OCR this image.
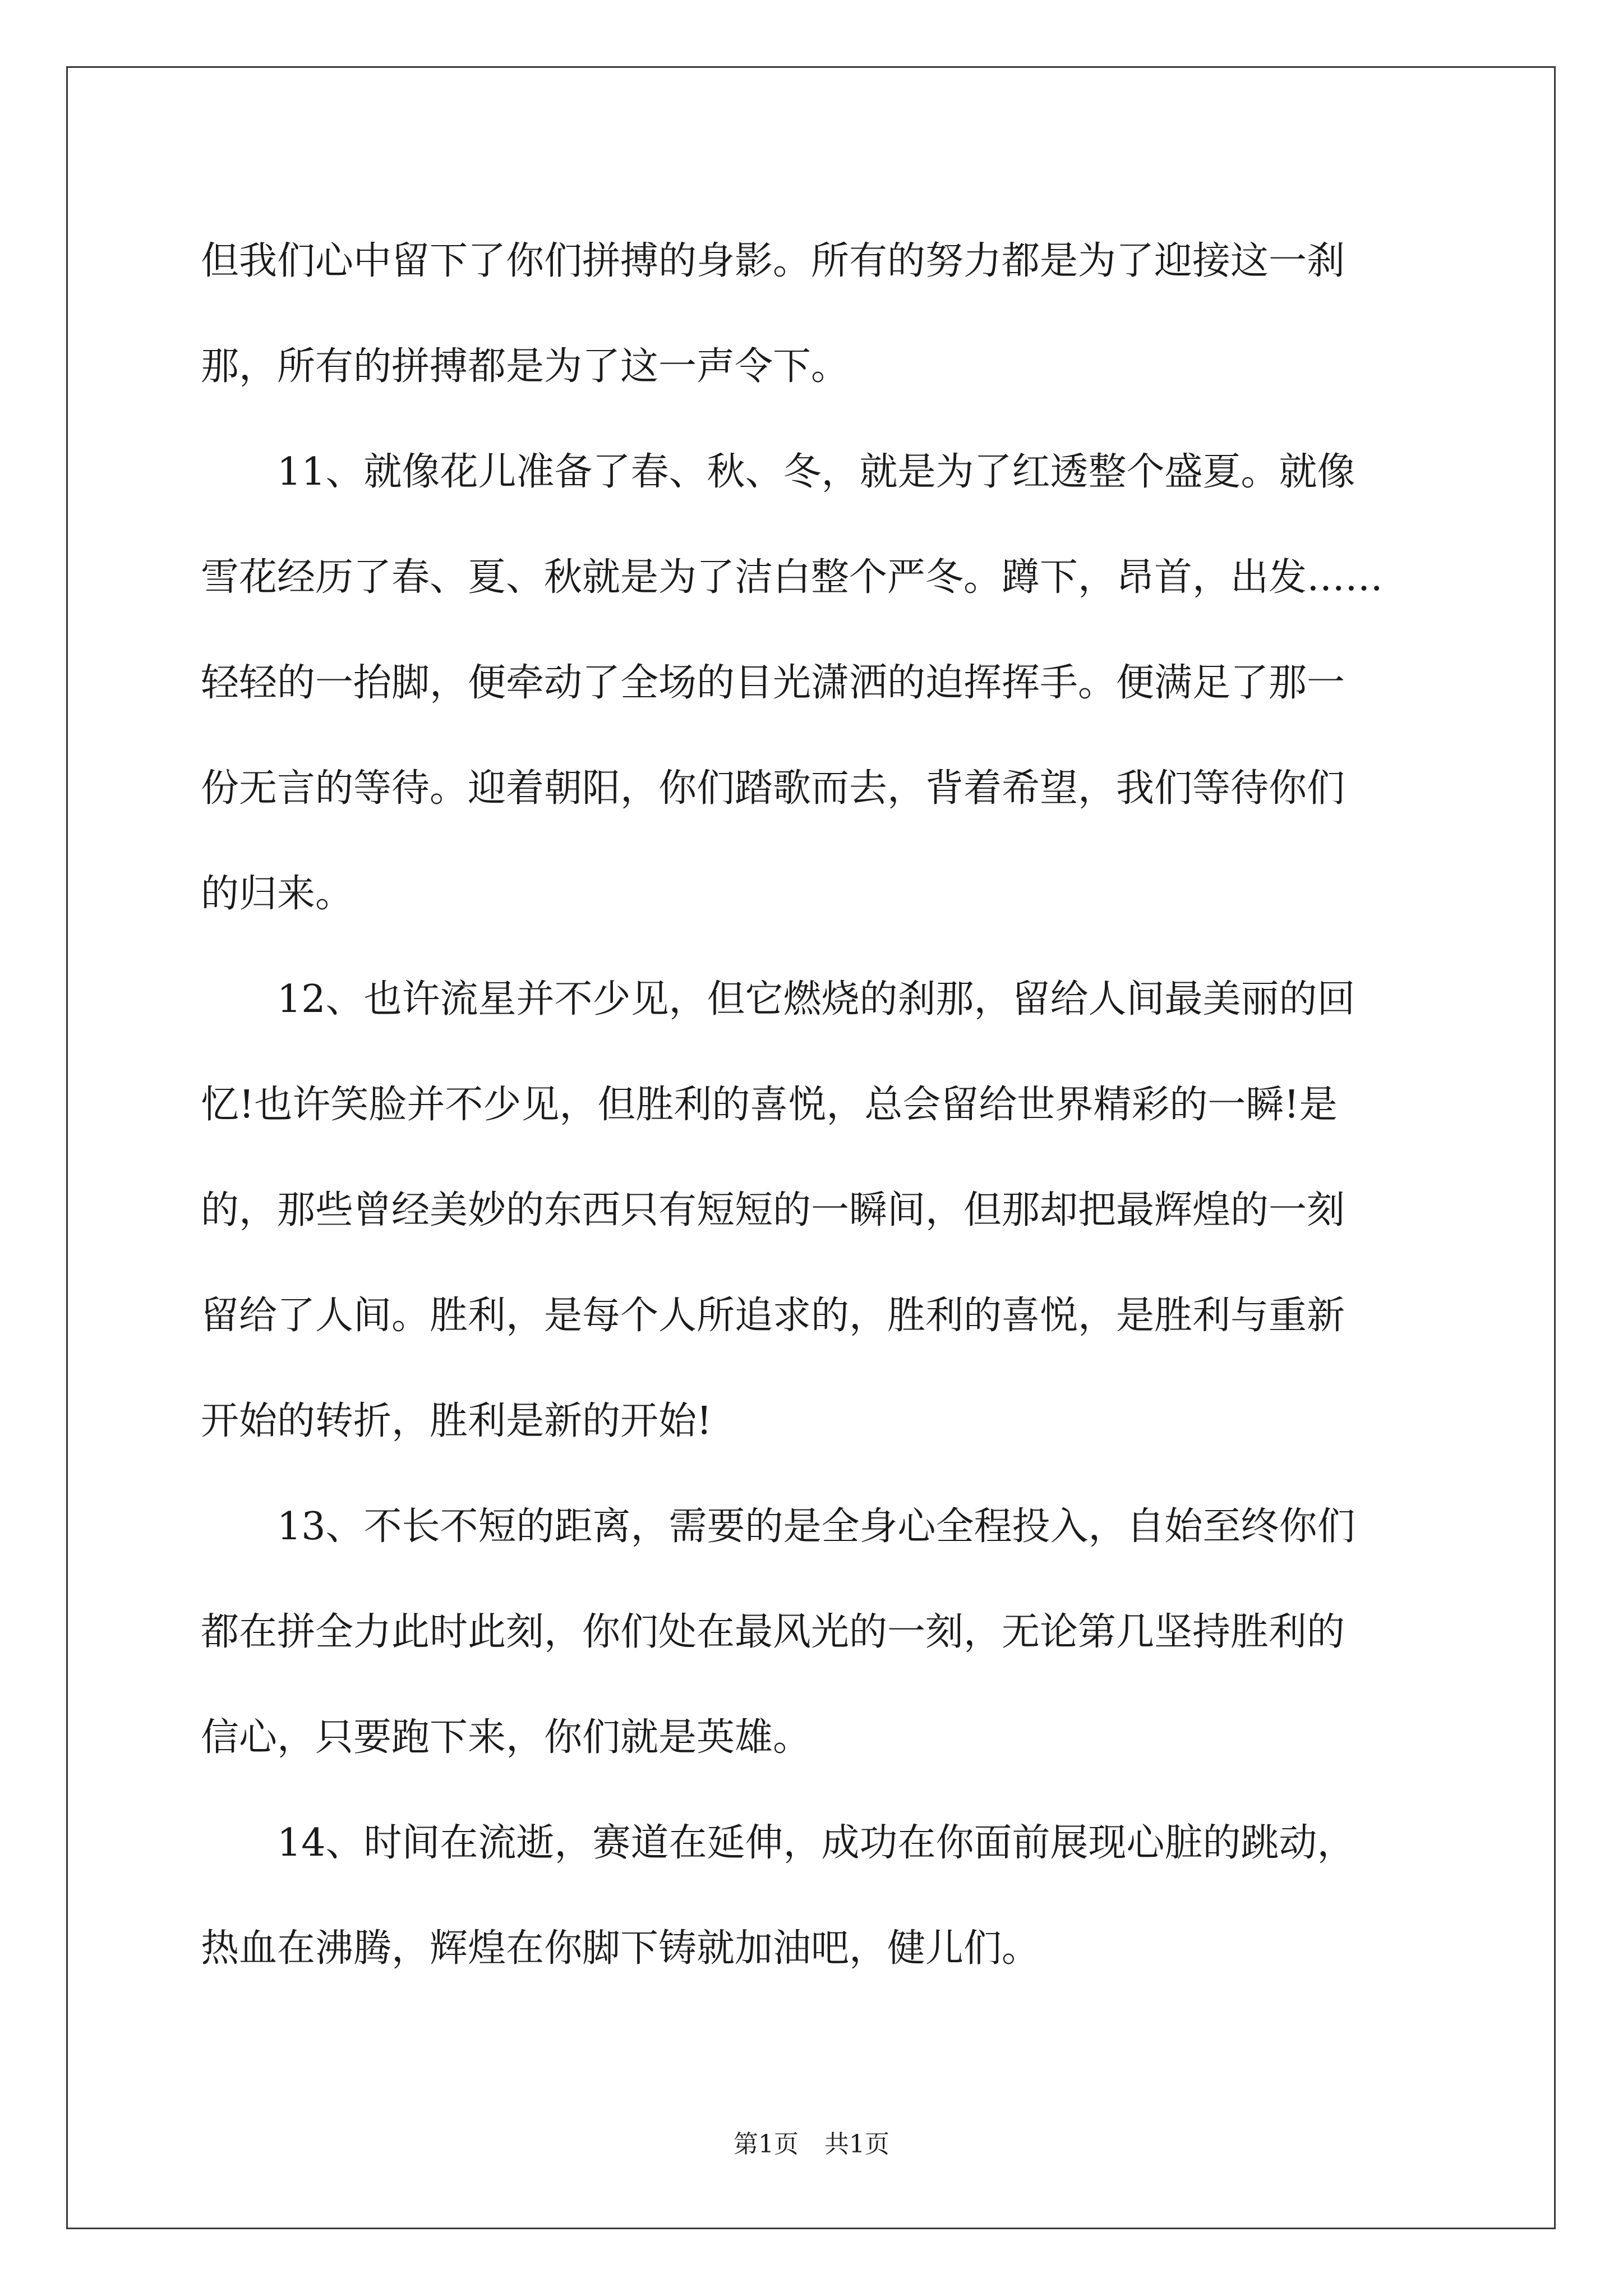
但我们心中留下了你们拼搏的身影。所有的努力都是为了迎接这一刹
那，所有的拼搏都是为了这一声令下。

11、就像花儿准备了春、秋、冬，就是为了红透整个盛夏。就像
雪花经历了春、夏、秋就是为了洁白整个严冬。蹲下，昂首，出发……
轻轻的一抬脚，便牵动了全场的目光潇洒的迫挥挥手。便满足了那一
份无言的等待。迎着朝阳，你们踏歌而去，背着希望，我们等待你们
的归来。

12、也许流星并不少见，但它燃烧的刹那，留给人间最美丽的回
忆!也许笑脸并不少见，但胜利的喜悦，总会留给世界精彩的一瞬!是
的，那些曾经美妙的东西只有短短的一瞬间，但那却把最辉煌的一刻
留给了人间。胜利，是每个人所追求的，胜利的喜悦，是胜利与重新
开始的转折，胜利是新的开始!

13、不长不短的距离，需要的是全身心全程投入，自始至终你们
都在拼全力此时此刻，你们处在最风光的一刻，无论第几坚持胜利的
信心，只要跑下来，你们就是英雄。

14、时间在流逝，赛道在延伸，成功在你面前展现心脏的跳动，
热血在沸腾，辉煌在你脚下铸就加油吧，健儿们。

第1页 共1页
